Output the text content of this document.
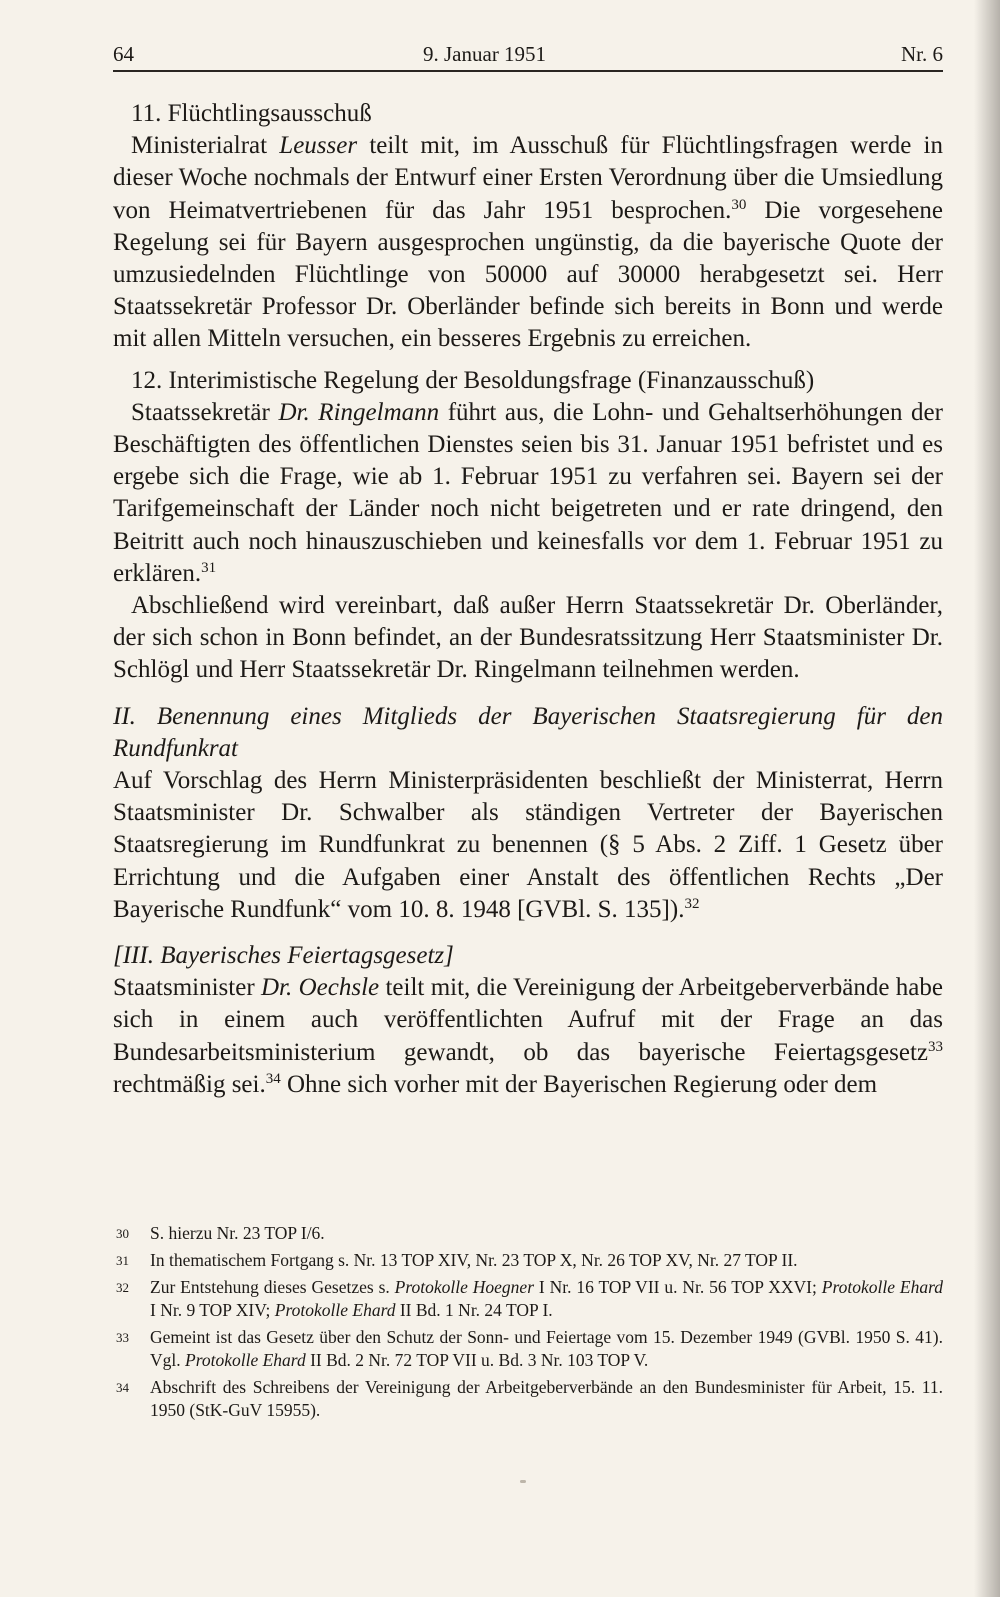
64	9. Januar 1951	Nr. 6

11. Flüchtlingsausschuß

Ministerialrat Leusser teilt mit, im Ausschuß für Flüchtlingsfragen werde in dieser Woche nochmals der Entwurf einer Ersten Verordnung über die Umsiedlung von Heimatvertriebenen für das Jahr 1951 besprochen.$^{30}$ Die vorgesehene Regelung sei für Bayern ausgesprochen ungünstig, da die bayerische Quote der umzusiedelnden Flüchtlinge von 50000 auf 30000 herabgesetzt sei. Herr Staatssekretär Professor Dr. Oberländer befinde sich bereits in Bonn und werde mit allen Mitteln versuchen, ein besseres Ergebnis zu erreichen.

12. Interimistische Regelung der Besoldungsfrage (Finanzausschuß)

Staatssekretär Dr. Ringelmann führt aus, die Lohn- und Gehaltserhöhungen der Beschäftigten des öffentlichen Dienstes seien bis 31. Januar 1951 befristet und es ergebe sich die Frage, wie ab 1. Februar 1951 zu verfahren sei. Bayern sei der Tarifgemeinschaft der Länder noch nicht beigetreten und er rate dringend, den Beitritt auch noch hinauszuschieben und keinesfalls vor dem 1. Februar 1951 zu erklären.$^{31}$

Abschließend wird vereinbart, daß außer Herrn Staatssekretär Dr. Oberländer, der sich schon in Bonn befindet, an der Bundesratssitzung Herr Staatsminister Dr. Schlögl und Herr Staatssekretär Dr. Ringelmann teilnehmen werden.

II. Benennung eines Mitglieds der Bayerischen Staatsregierung für den Rundfunkrat

Auf Vorschlag des Herrn Ministerpräsidenten beschließt der Ministerrat, Herrn Staatsminister Dr. Schwalber als ständigen Vertreter der Bayerischen Staatsregierung im Rundfunkrat zu benennen (§ 5 Abs. 2 Ziff. 1 Gesetz über Errichtung und die Aufgaben einer Anstalt des öffentlichen Rechts „Der Bayerische Rundfunk“ vom 10. 8. 1948 [GVBl. S. 135]).$^{32}$

[III. Bayerisches Feiertagsgesetz]

Staatsminister Dr. Oechsle teilt mit, die Vereinigung der Arbeitgeberverbände habe sich in einem auch veröffentlichten Aufruf mit der Frage an das Bundesarbeitsministerium gewandt, ob das bayerische Feiertagsgesetz$^{33}$ rechtmäßig sei.$^{34}$ Ohne sich vorher mit der Bayerischen Regierung oder dem

30 S. hierzu Nr. 23 TOP I/6.
31 In thematischem Fortgang s. Nr. 13 TOP XIV, Nr. 23 TOP X, Nr. 26 TOP XV, Nr. 27 TOP II.
32 Zur Entstehung dieses Gesetzes s. Protokolle Hoegner I Nr. 16 TOP VII u. Nr. 56 TOP XXVI; Protokolle Ehard I Nr. 9 TOP XIV; Protokolle Ehard II Bd. 1 Nr. 24 TOP I.
33 Gemeint ist das Gesetz über den Schutz der Sonn- und Feiertage vom 15. Dezember 1949 (GVBl. 1950 S. 41). Vgl. Protokolle Ehard II Bd. 2 Nr. 72 TOP VII u. Bd. 3 Nr. 103 TOP V.
34 Abschrift des Schreibens der Vereinigung der Arbeitgeberverbände an den Bundesminister für Arbeit, 15. 11. 1950 (StK-GuV 15955).
